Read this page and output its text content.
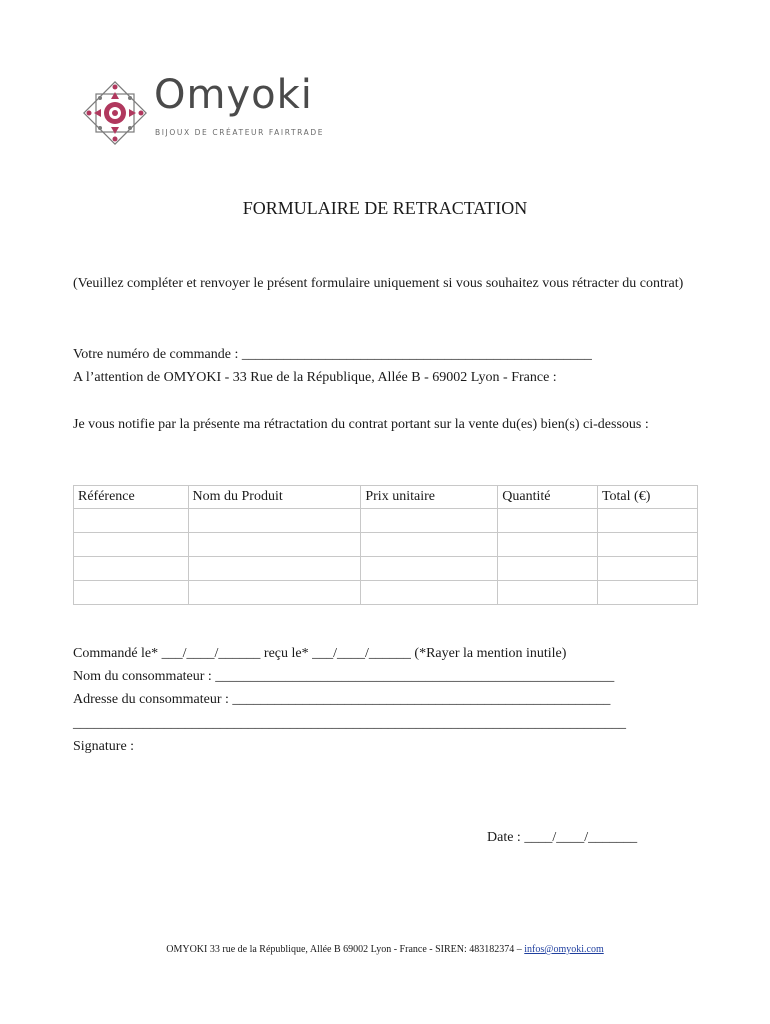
Omyoki
BIJOUX DE CRÉATEUR FAIRTRADE
FORMULAIRE DE RETRACTATION
(Veuillez compléter et renvoyer le présent formulaire uniquement si vous souhaitez vous rétracter du contrat)
Votre numéro de commande : __________________________________________________
A l’attention de OMYOKI - 33 Rue de la République, Allée B - 69002 Lyon - France :
Je vous notifie par la présente ma rétractation du contrat portant sur la vente du(es) bien(s) ci-dessous :
Référence	Nom du Produit	Prix unitaire	Quantité	Total (€)

Commandé le* ___/____/______ reçu le* ___/____/______ (*Rayer la mention inutile)
Nom du consommateur : _________________________________________________________
Adresse du consommateur : ______________________________________________________
_______________________________________________________________________________
Signature :
Date : ____/____/_______
OMYOKI 33 rue de la République, Allée B 69002 Lyon - France - SIREN: 483182374 – infos@omyoki.com
